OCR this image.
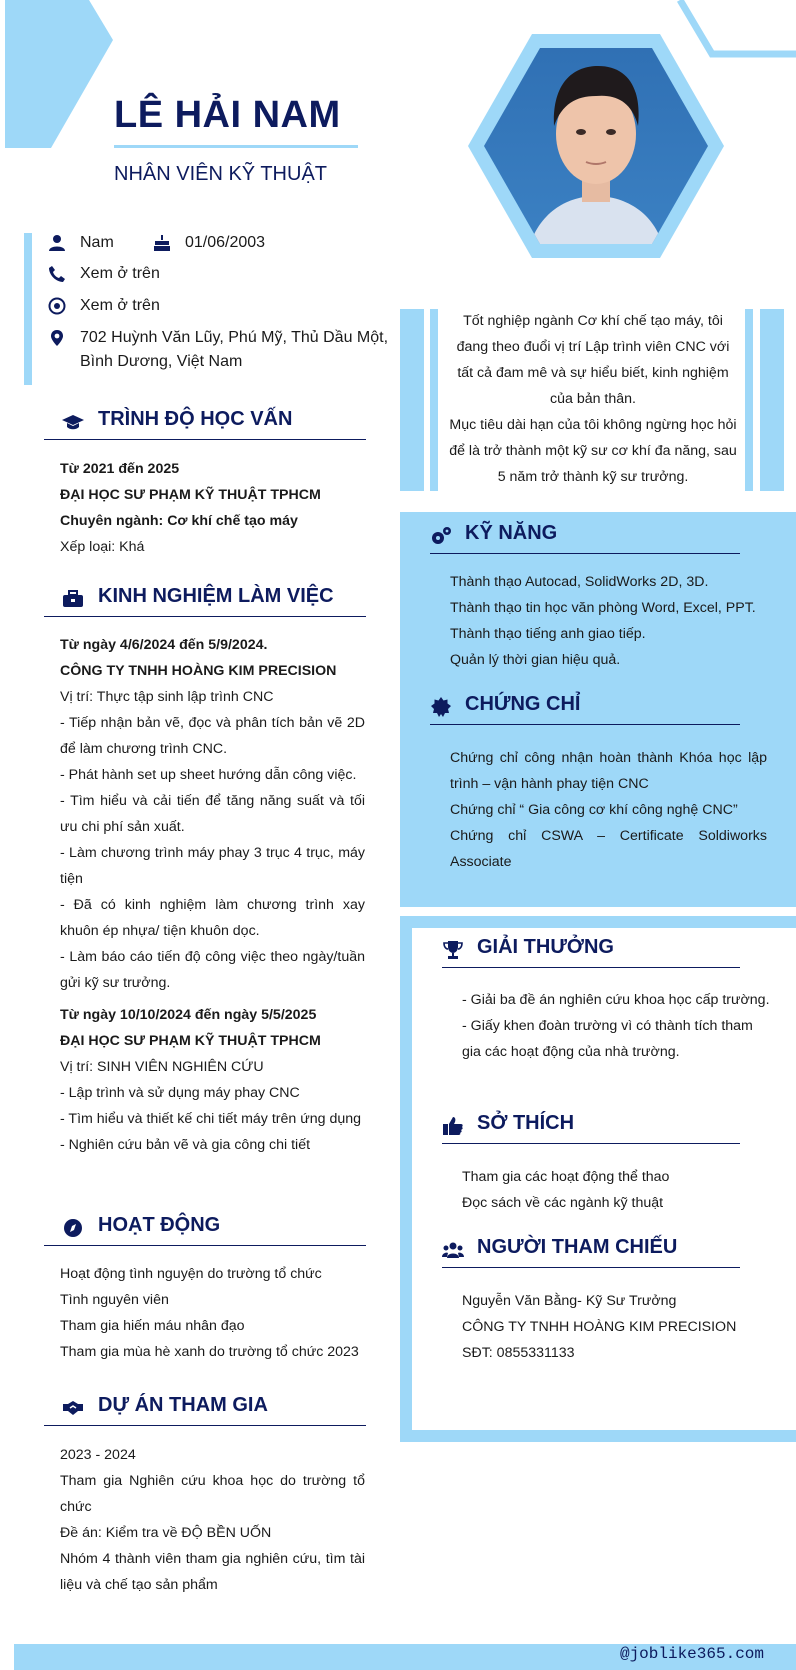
LÊ HẢI NAM
NHÂN VIÊN KỸ THUẬT
Nam	01/06/2003
Xem ở trên
Xem ở trên
702 Huỳnh Văn Lũy, Phú Mỹ, Thủ Dầu Một,
Bình Dương, Việt Nam
TRÌNH ĐỘ HỌC VẤN

Từ 2021 đến 2025

ĐẠI HỌC SƯ PHẠM KỸ THUẬT TPHCM

Chuyên ngành: Cơ khí chế tạo máy

Xếp loại: Khá

KINH NGHIỆM LÀM VIỆC

Từ ngày 4/6/2024 đến 5/9/2024.

CÔNG TY TNHH HOÀNG KIM PRECISION

Vị trí: Thực tập sinh lập trình CNC

- Tiếp nhận bản vẽ, đọc và phân tích bản vẽ 2D để làm chương trình CNC.

- Phát hành set up sheet hướng dẫn công việc.

- Tìm hiểu và cải tiến để tăng năng suất và tối ưu chi phí sản xuất.

- Làm chương trình máy phay 3 trục 4 trục, máy tiện

- Đã có kinh nghiệm làm chương trình xay khuôn ép nhựa/ tiện khuôn dọc.

- Làm báo cáo tiến độ công việc theo ngày/tuần gửi kỹ sư trưởng.

Từ ngày 10/10/2024 đến ngày 5/5/2025

ĐẠI HỌC SƯ PHẠM KỸ THUẬT TPHCM

Vị trí: SINH VIÊN NGHIÊN CỨU

- Lập trình và sử dụng máy phay CNC

- Tìm hiểu và thiết kế chi tiết máy trên ứng dụng

- Nghiên cứu bản vẽ và gia công chi tiết

HOẠT ĐỘNG

Hoạt động tình nguyện do trường tổ chức

Tình nguyên viên

Tham gia hiến máu nhân đạo

Tham gia mùa hè xanh do trường tổ chức 2023

DỰ ÁN THAM GIA

2023 - 2024

Tham gia Nghiên cứu khoa học do trường tổ chức

Đề án: Kiểm tra về ĐỘ BỀN UỐN

Nhóm 4 thành viên tham gia nghiên cứu, tìm tài liệu và chế tạo sản phẩm

Tốt nghiệp ngành Cơ khí chế tạo máy, tôi đang theo đuổi vị trí Lập trình viên CNC với tất cả đam mê và sự hiểu biết, kinh nghiệm của bản thân.

Mục tiêu dài hạn của tôi không ngừng học hỏi để là trở thành một kỹ sư cơ khí đa năng, sau 5 năm trở thành kỹ sư trưởng.

KỸ NĂNG

Thành thạo Autocad, SolidWorks 2D, 3D.

Thành thạo tin học văn phòng Word, Excel, PPT.

Thành thạo tiếng anh giao tiếp.

Quản lý thời gian hiệu quả.

CHỨNG CHỈ

Chứng chỉ công nhận hoàn thành Khóa học lập trình – vận hành phay tiện CNC

Chứng chỉ “ Gia công cơ khí công nghệ CNC”

Chứng chỉ CSWA – Certificate Soldiworks Associate

GIẢI THƯỞNG

- Giải ba đề án nghiên cứu khoa học cấp trường.

- Giấy khen đoàn trường vì có thành tích tham gia các hoạt động của nhà trường.

SỞ THÍCH

Tham gia các hoạt động thể thao

Đọc sách về các ngành kỹ thuật

NGƯỜI THAM CHIẾU

Nguyễn Văn Bằng- Kỹ Sư Trưởng

CÔNG TY TNHH HOÀNG KIM PRECISION

SĐT: 0855331133

@joblike365.com
